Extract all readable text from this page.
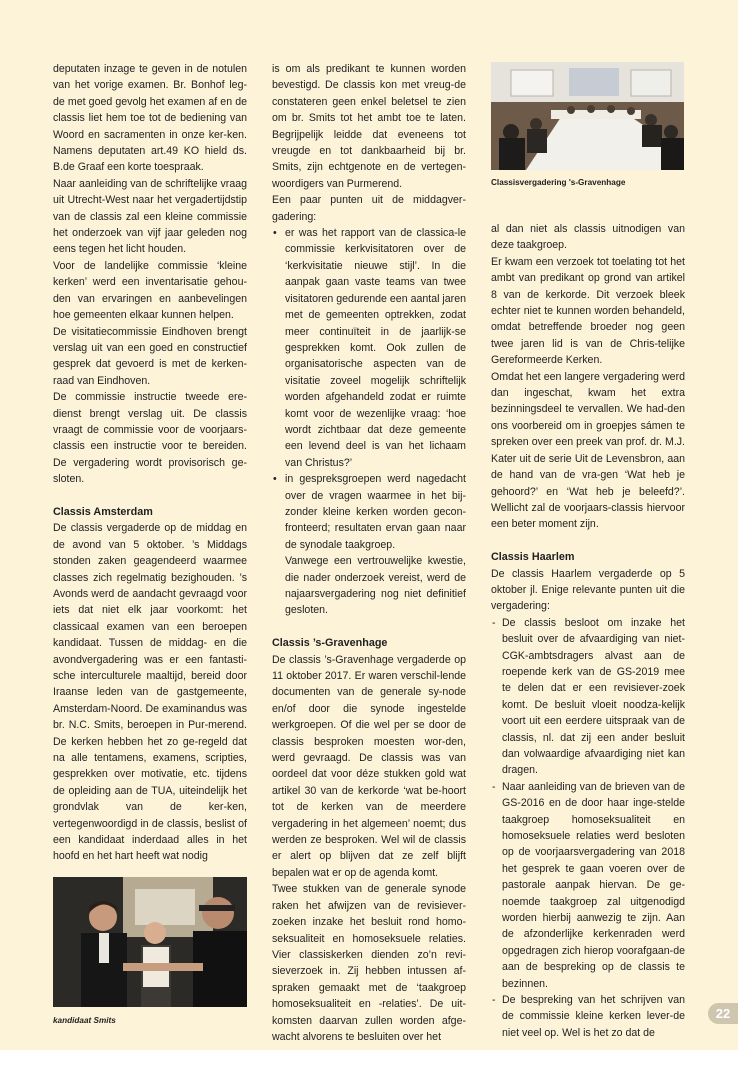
deputaten inzage te geven in de notulen van het vorige examen. Br. Bonhof leg-de met goed gevolg het examen af en de classis liet hem toe tot de bediening van Woord en sacramenten in onze ker-ken. Namens deputaten art.49 KO hield ds. B.de Graaf een korte toespraak.

Naar aanleiding van de schriftelijke vraag uit Utrecht-West naar het vergadertijdstip van de classis zal een kleine commissie het onderzoek van vijf jaar geleden nog eens tegen het licht houden.

Voor de landelijke commissie ‘kleine kerken’ werd een inventarisatie gehou-den van ervaringen en aanbevelingen hoe gemeenten elkaar kunnen helpen.

De visitatiecommissie Eindhoven brengt verslag uit van een goed en constructief gesprek dat gevoerd is met de kerken-raad van Eindhoven.

De commissie instructie tweede ere-dienst brengt verslag uit. De classis vraagt de commissie voor de voorjaars-classis een instructie voor te bereiden. De vergadering wordt provisorisch ge-sloten.

Classis Amsterdam

De classis vergaderde op de middag en de avond van 5 oktober. ’s Middags stonden zaken geagendeerd waarmee classes zich regelmatig bezighouden. ’s Avonds werd de aandacht gevraagd voor iets dat niet elk jaar voorkomt: het classicaal examen van een beroepen kandidaat. Tussen de middag- en die avondvergadering was er een fantasti-sche interculturele maaltijd, bereid door Iraanse leden van de gastgemeente, Amsterdam-Noord. De examinandus was br. N.C. Smits, beroepen in Pur-merend. De kerken hebben het zo ge-regeld dat na alle tentamens, examens, scripties, gesprekken over motivatie, etc. tijdens de opleiding aan de TUA, uiteindelijk het grondvlak van de ker-ken, vertegenwoordigd in de classis, beslist of een kandidaat inderdaad alles in het hoofd en het hart heeft wat nodig

is om als predikant te kunnen worden bevestigd. De classis kon met vreug-de constateren geen enkel beletsel te zien om br. Smits tot het ambt toe te laten. Begrijpelijk leidde dat eveneens tot vreugde en tot dankbaarheid bij br. Smits, zijn echtgenote en de vertegen-woordigers van Purmerend.

Een paar punten uit de middagver-gadering:

• er was het rapport van de classica-le commissie kerkvisitatoren over de ‘kerkvisitatie nieuwe stijl’. In die aanpak gaan vaste teams van twee visitatoren gedurende een aantal jaren met de gemeenten optrekken, zodat meer continuïteit in de jaarlijk-se gesprekken komt. Ook zullen de organisatorische aspecten van de visitatie zoveel mogelijk schriftelijk worden afgehandeld zodat er ruimte komt voor de wezenlijke vraag: ‘hoe wordt zichtbaar dat deze gemeente een levend deel is van het lichaam van Christus?’
• in gespreksgroepen werd nagedacht over de vragen waarmee in het bij-zonder kleine kerken worden gecon-fronteerd; resultaten ervan gaan naar de synodale taakgroep.

Vanwege een vertrouwelijke kwestie, die nader onderzoek vereist, werd de najaarsvergadering nog niet definitief gesloten.

Classis ’s-Gravenhage

De classis ’s-Gravenhage vergaderde op 11 oktober 2017. Er waren verschil-lende documenten van de generale sy-node en/of door die synode ingestelde werkgroepen. Of die wel per se door de classis besproken moesten wor-den, werd gevraagd. De classis was van oordeel dat voor déze stukken gold wat artikel 30 van de kerkorde ‘wat be-hoort tot de kerken van de meerdere vergadering in het algemeen’ noemt; dus werden ze besproken. Wel wil de classis er alert op blijven dat ze zelf blijft bepalen wat er op de agenda komt.

Twee stukken van de generale synode raken het afwijzen van de revisiever-zoeken inzake het besluit rond homo-seksualiteit en homoseksuele relaties. Vier classiskerken dienden zo’n revi-sieverzoek in. Zij hebben intussen af-spraken gemaakt met de ‘taakgroep homoseksualiteit en -relaties’. De uit-komsten daarvan zullen worden afge-wacht alvorens te besluiten over het

al dan niet als classis uitnodigen van deze taakgroep.

Er kwam een verzoek tot toelating tot het ambt van predikant op grond van artikel 8 van de kerkorde. Dit verzoek bleek echter niet te kunnen worden behandeld, omdat betreffende broeder nog geen twee jaren lid is van de Chris-telijke Gereformeerde Kerken.

Omdat het een langere vergadering werd dan ingeschat, kwam het extra bezinningsdeel te vervallen. We had-den ons voorbereid om in groepjes sámen te spreken over een preek van prof. dr. M.J. Kater uit de serie Uit de Levensbron, aan de hand van de vra-gen ‘Wat heb je gehoord?’ en ‘Wat heb je beleefd?’. Wellicht zal de voorjaars-classis hiervoor een beter moment zijn.

Classis Haarlem

De classis Haarlem vergaderde op 5 oktober jl. Enige relevante punten uit die vergadering:

- De classis besloot om inzake het besluit over de afvaardiging van niet-CGK-ambtsdragers alvast aan de roepende kerk van de GS-2019 mee te delen dat er een revisiever-zoek komt. De besluit vloeit noodza-kelijk voort uit een eerdere uitspraak van de classis, nl. dat zij een ander besluit dan volwaardige afvaardiging niet kan dragen.
- Naar aanleiding van de brieven van de GS-2016 en de door haar inge-stelde taakgroep homoseksualiteit en homoseksuele relaties werd besloten op de voorjaarsvergadering van 2018 het gesprek te gaan voeren over de pastorale aanpak hiervan. De ge-noemde taakgroep zal uitgenodigd worden hierbij aanwezig te zijn. Aan de afzonderlijke kerkenraden werd opgedragen zich hierop voorafgaan-de aan de bespreking op de classis te bezinnen.
- De bespreking van het schrijven van de commissie kleine kerken lever-de niet veel op. Wel is het zo dat de
Classisvergadering 's-Gravenhage
kandidaat Smits	22
